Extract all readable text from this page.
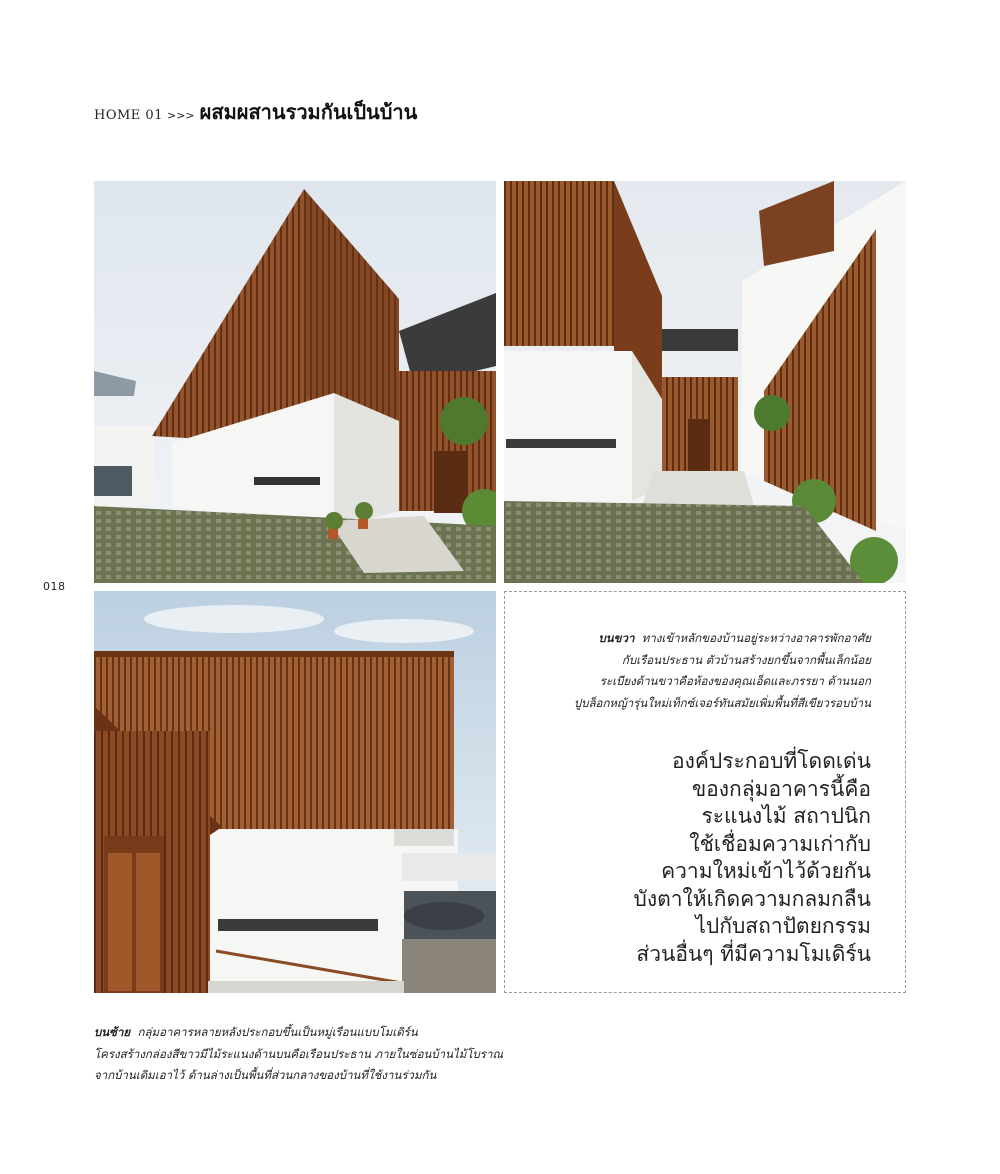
HOME 01 >>> ผสมผสานรวมกันเป็นบ้าน
018
บนขวา ทางเข้าหลักของบ้านอยู่ระหว่างอาคารพักอาศัย
กับเรือนประธาน ตัวบ้านสร้างยกขึ้นจากพื้นเล็กน้อย
ระเบียงด้านขวาคือห้องของคุณเอ็ดและภรรยา ด้านนอก
ปูบล็อกหญ้ารุ่นใหม่เท็กซ์เจอร์ทันสมัยเพิ่มพื้นที่สีเขียวรอบบ้าน
องค์ประกอบที่โดดเด่น
ของกลุ่มอาคารนี้คือ
ระแนงไม้ สถาปนิก
ใช้เชื่อมความเก่ากับ
ความใหม่เข้าไว้ด้วยกัน
บังตาให้เกิดความกลมกลืน
ไปกับสถาปัตยกรรม
ส่วนอื่นๆ ที่มีความโมเดิร์น
บนซ้าย กลุ่มอาคารหลายหลังประกอบขึ้นเป็นหมู่เรือนแบบโมเดิร์น
โครงสร้างกล่องสีขาวมีไม้ระแนงด้านบนคือเรือนประธาน ภายในซ่อนบ้านไม้โบราณ
จากบ้านเดิมเอาไว้ ด้านล่างเป็นพื้นที่ส่วนกลางของบ้านที่ใช้งานร่วมกัน
